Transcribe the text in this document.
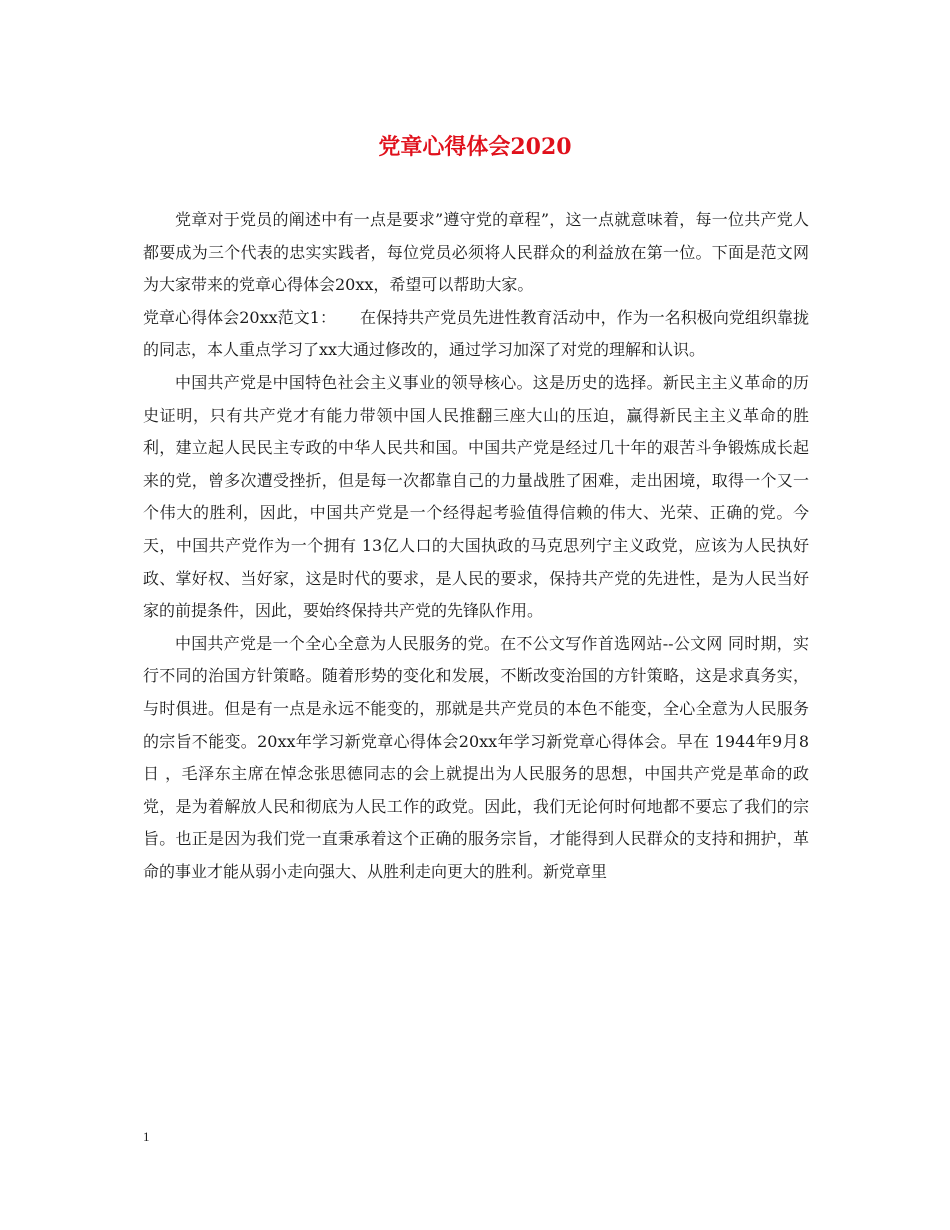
党章心得体会2020

党章对于党员的阐述中有一点是要求”遵守党的章程”，这一点就意味着，每一位共产党人都要成为三个代表的忠实实践者，每位党员必须将人民群众的利益放在第一位。下面是范文网为大家带来的党章心得体会20xx，希望可以帮助大家。

党章心得体会20xx范文1：　　在保持共产党员先进性教育活动中，作为一名积极向党组织靠拢的同志，本人重点学习了xx大通过修改的，通过学习加深了对党的理解和认识。

中国共产党是中国特色社会主义事业的领导核心。这是历史的选择。新民主主义革命的历史证明，只有共产党才有能力带领中国人民推翻三座大山的压迫，赢得新民主主义革命的胜利，建立起人民民主专政的中华人民共和国。中国共产党是经过几十年的艰苦斗争锻炼成长起来的党，曾多次遭受挫折，但是每一次都靠自己的力量战胜了困难，走出困境，取得一个又一个伟大的胜利，因此，中国共产党是一个经得起考验值得信赖的伟大、光荣、正确的党。今天，中国共产党作为一个拥有 13亿人口的大国执政的马克思列宁主义政党，应该为人民执好政、掌好权、当好家，这是时代的要求，是人民的要求，保持共产党的先进性，是为人民当好家的前提条件，因此，要始终保持共产党的先锋队作用。

中国共产党是一个全心全意为人民服务的党。在不公文写作首选网站--公文网 同时期，实行不同的治国方针策略。随着形势的变化和发展，不断改变治国的方针策略，这是求真务实，与时俱进。但是有一点是永远不能变的，那就是共产党员的本色不能变，全心全意为人民服务的宗旨不能变。20xx年学习新党章心得体会20xx年学习新党章心得体会。早在 1944年9月8日 ，毛泽东主席在悼念张思德同志的会上就提出为人民服务的思想，中国共产党是革命的政党，是为着解放人民和彻底为人民工作的政党。因此，我们无论何时何地都不要忘了我们的宗旨。也正是因为我们党一直秉承着这个正确的服务宗旨，才能得到人民群众的支持和拥护，革命的事业才能从弱小走向强大、从胜利走向更大的胜利。新党章里

1
